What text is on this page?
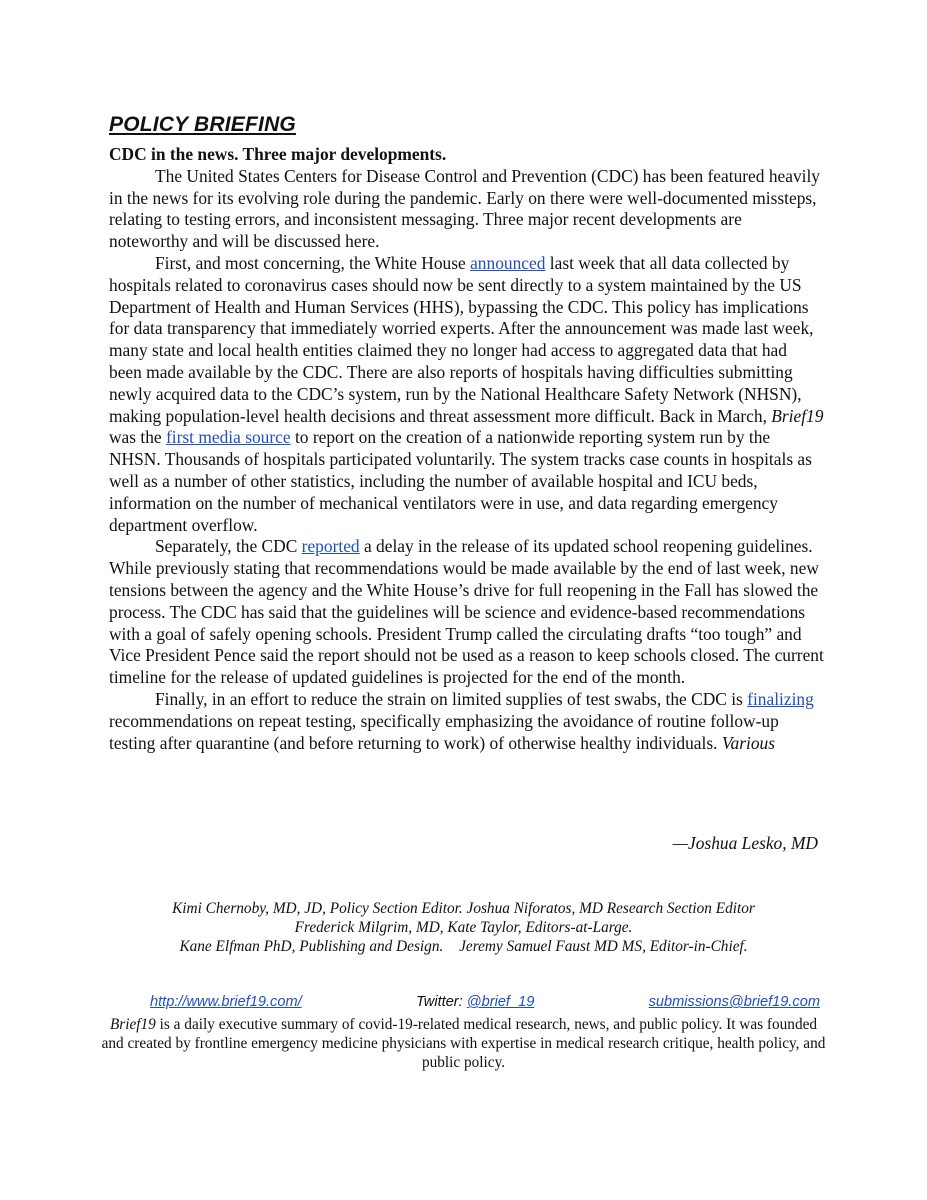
POLICY BRIEFING

CDC in the news. Three major developments.

The United States Centers for Disease Control and Prevention (CDC) has been featured heavily in the news for its evolving role during the pandemic. Early on there were well-documented missteps, relating to testing errors, and inconsistent messaging. Three major recent developments are noteworthy and will be discussed here.

First, and most concerning, the White House announced last week that all data collected by hospitals related to coronavirus cases should now be sent directly to a system maintained by the US Department of Health and Human Services (HHS), bypassing the CDC. This policy has implications for data transparency that immediately worried experts. After the announcement was made last week, many state and local health entities claimed they no longer had access to aggregated data that had been made available by the CDC. There are also reports of hospitals having difficulties submitting newly acquired data to the CDC’s system, run by the National Healthcare Safety Network (NHSN), making population-level health decisions and threat assessment more difficult. Back in March, Brief19 was the first media source to report on the creation of a nationwide reporting system run by the NHSN. Thousands of hospitals participated voluntarily. The system tracks case counts in hospitals as well as a number of other statistics, including the number of available hospital and ICU beds, information on the number of mechanical ventilators were in use, and data regarding emergency department overflow.

Separately, the CDC reported a delay in the release of its updated school reopening guidelines. While previously stating that recommendations would be made available by the end of last week, new tensions between the agency and the White House’s drive for full reopening in the Fall has slowed the process. The CDC has said that the guidelines will be science and evidence-based recommendations with a goal of safely opening schools. President Trump called the circulating drafts “too tough” and Vice President Pence said the report should not be used as a reason to keep schools closed. The current timeline for the release of updated guidelines is projected for the end of the month.

Finally, in an effort to reduce the strain on limited supplies of test swabs, the CDC is finalizing recommendations on repeat testing, specifically emphasizing the avoidance of routine follow-up testing after quarantine (and before returning to work) of otherwise healthy individuals. Various

—Joshua Lesko, MD

Kimi Chernoby, MD, JD, Policy Section Editor. Joshua Niforatos, MD Research Section Editor

Frederick Milgrim, MD, Kate Taylor, Editors-at-Large.

Kane Elfman PhD, Publishing and Design. Jeremy Samuel Faust MD MS, Editor-in-Chief.

http://www.brief19.com/	Twitter: @brief_19	submissions@brief19.com

Brief19 is a daily executive summary of covid-19-related medical research, news, and public policy. It was founded and created by frontline emergency medicine physicians with expertise in medical research critique, health policy, and public policy.
